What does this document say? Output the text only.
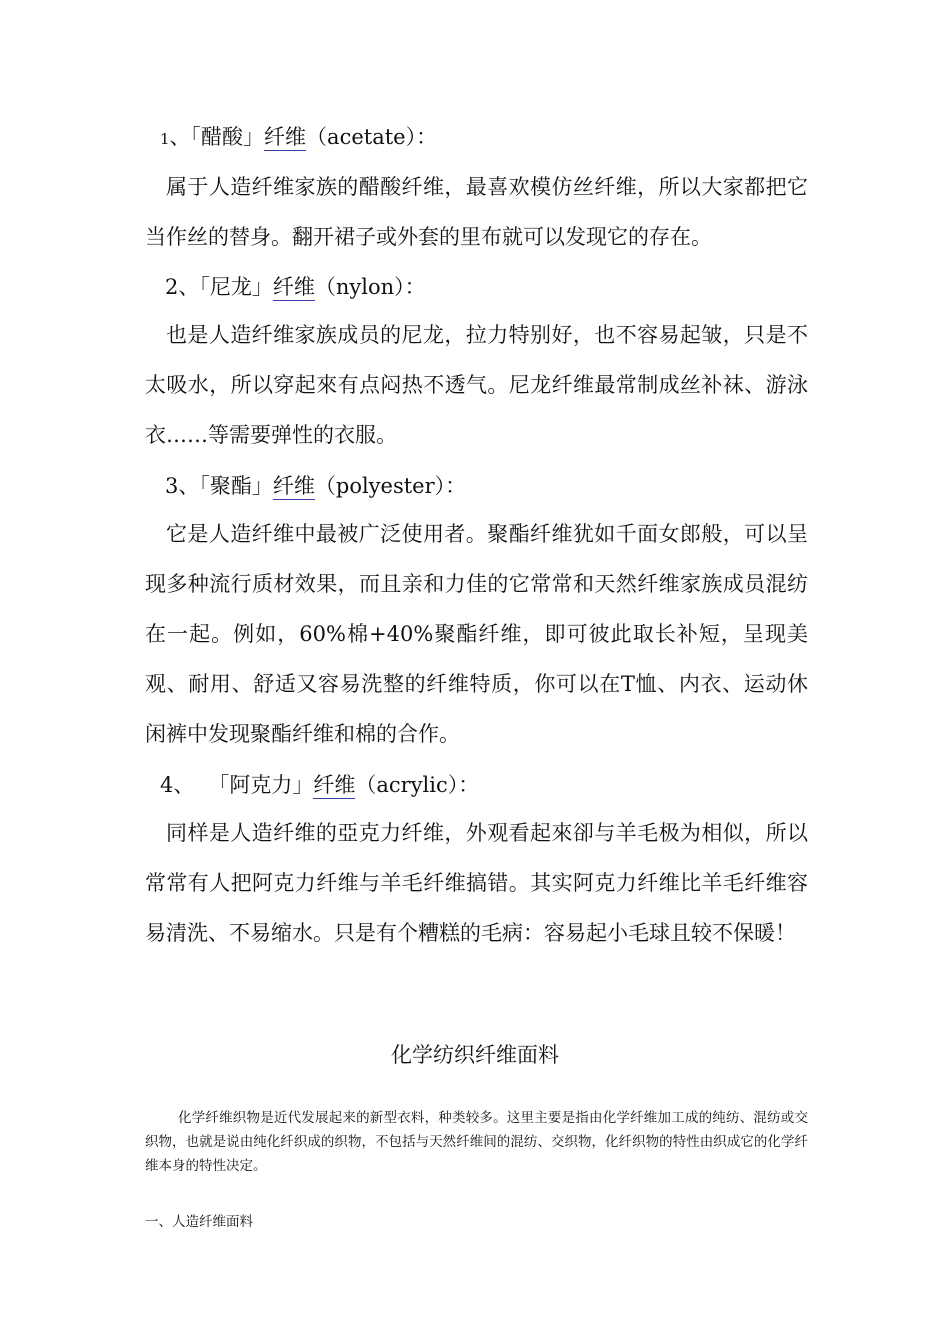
1、「醋酸」纤维（acetate）：

属于人造纤维家族的醋酸纤维，最喜欢模仿丝纤维，所以大家都把它当作丝的替身。翻开裙子或外套的里布就可以发现它的存在。

2、「尼龙」纤维（nylon）：

也是人造纤维家族成员的尼龙，拉力特别好，也不容易起皱，只是不太吸水，所以穿起來有点闷热不透气。尼龙纤维最常制成丝补袜、游泳衣……等需要弹性的衣服。

3、「聚酯」纤维（polyester）：

它是人造纤维中最被广泛使用者。聚酯纤维犹如千面女郎般，可以呈现多种流行质材效果，而且亲和力佳的它常常和天然纤维家族成员混纺在一起。例如，60%棉+40%聚酯纤维，即可彼此取长补短，呈现美观、耐用、舒适又容易洗整的纤维特质，你可以在T恤、内衣、运动休闲裤中发现聚酯纤维和棉的合作。

4、 「阿克力」纤维（acrylic）：

同样是人造纤维的亞克力纤维，外观看起來卻与羊毛极为相似，所以常常有人把阿克力纤维与羊毛纤维搞错。其实阿克力纤维比羊毛纤维容易清洗、不易缩水。只是有个糟糕的毛病：容易起小毛球且较不保暖！

化学纺织纤维面料

化学纤维织物是近代发展起来的新型衣料，种类较多。这里主要是指由化学纤维加工成的纯纺、混纺或交织物，也就是说由纯化纤织成的织物，不包括与天然纤维间的混纺、交织物，化纤织物的特性由织成它的化学纤维本身的特性决定。

一、人造纤维面料
